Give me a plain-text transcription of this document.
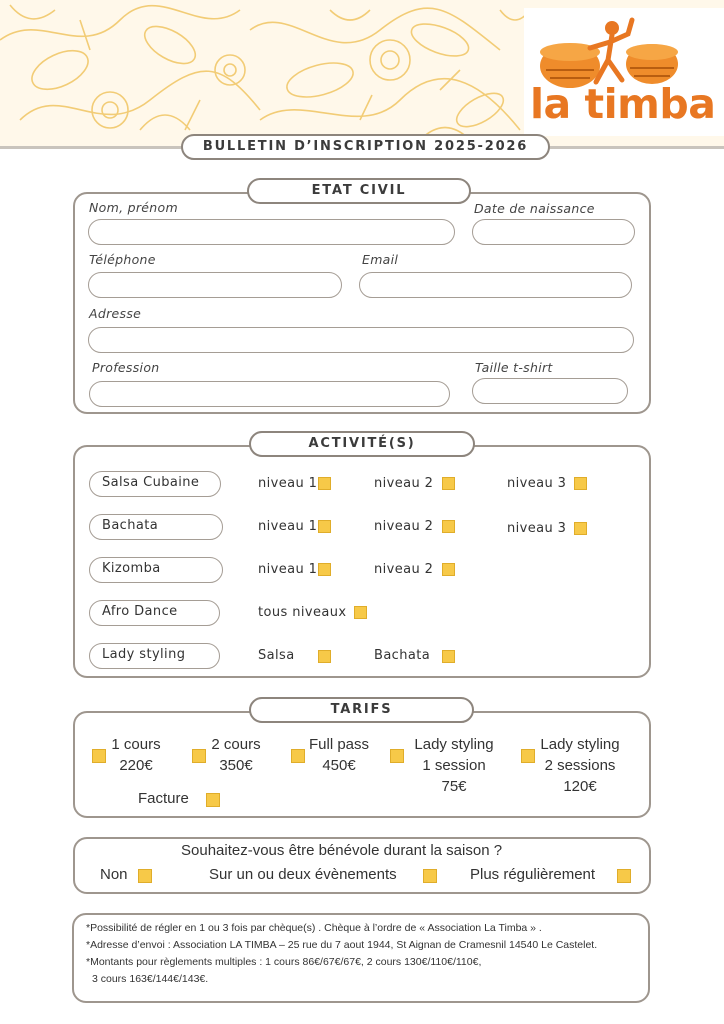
la timba
BULLETIN D’INSCRIPTION 2025-2026
ETAT CIVIL
Nom, prénom	Date de naissance
Téléphone	Email
Adresse
Profession	Taille t-shirt
ACTIVITÉ(S)
Salsa Cubaine	niveau 1	niveau 2	niveau 3
Bachata	niveau 1	niveau 2	niveau 3
Kizomba	niveau 1	niveau 2
Afro Dance	tous niveaux
Lady styling	Salsa	Bachata
TARIFS
1 cours
220€
2 cours
350€
Full pass
450€
Lady styling
1 session
75€
Lady styling
2 sessions
120€
Facture
Souhaitez-vous être bénévole durant la saison ?
Non	Sur un ou deux évènements	Plus régulièrement
*Possibilité de régler en 1 ou 3 fois par chèque(s) . Chèque à l’ordre de « Association La Timba » .
*Adresse d’envoi : Association LA TIMBA – 25 rue du 7 aout 1944, St Aignan de Cramesnil 14540 Le Castelet.
*Montants pour règlements multiples : 1 cours 86€/67€/67€, 2 cours 130€/110€/110€,
3 cours 163€/144€/143€.
